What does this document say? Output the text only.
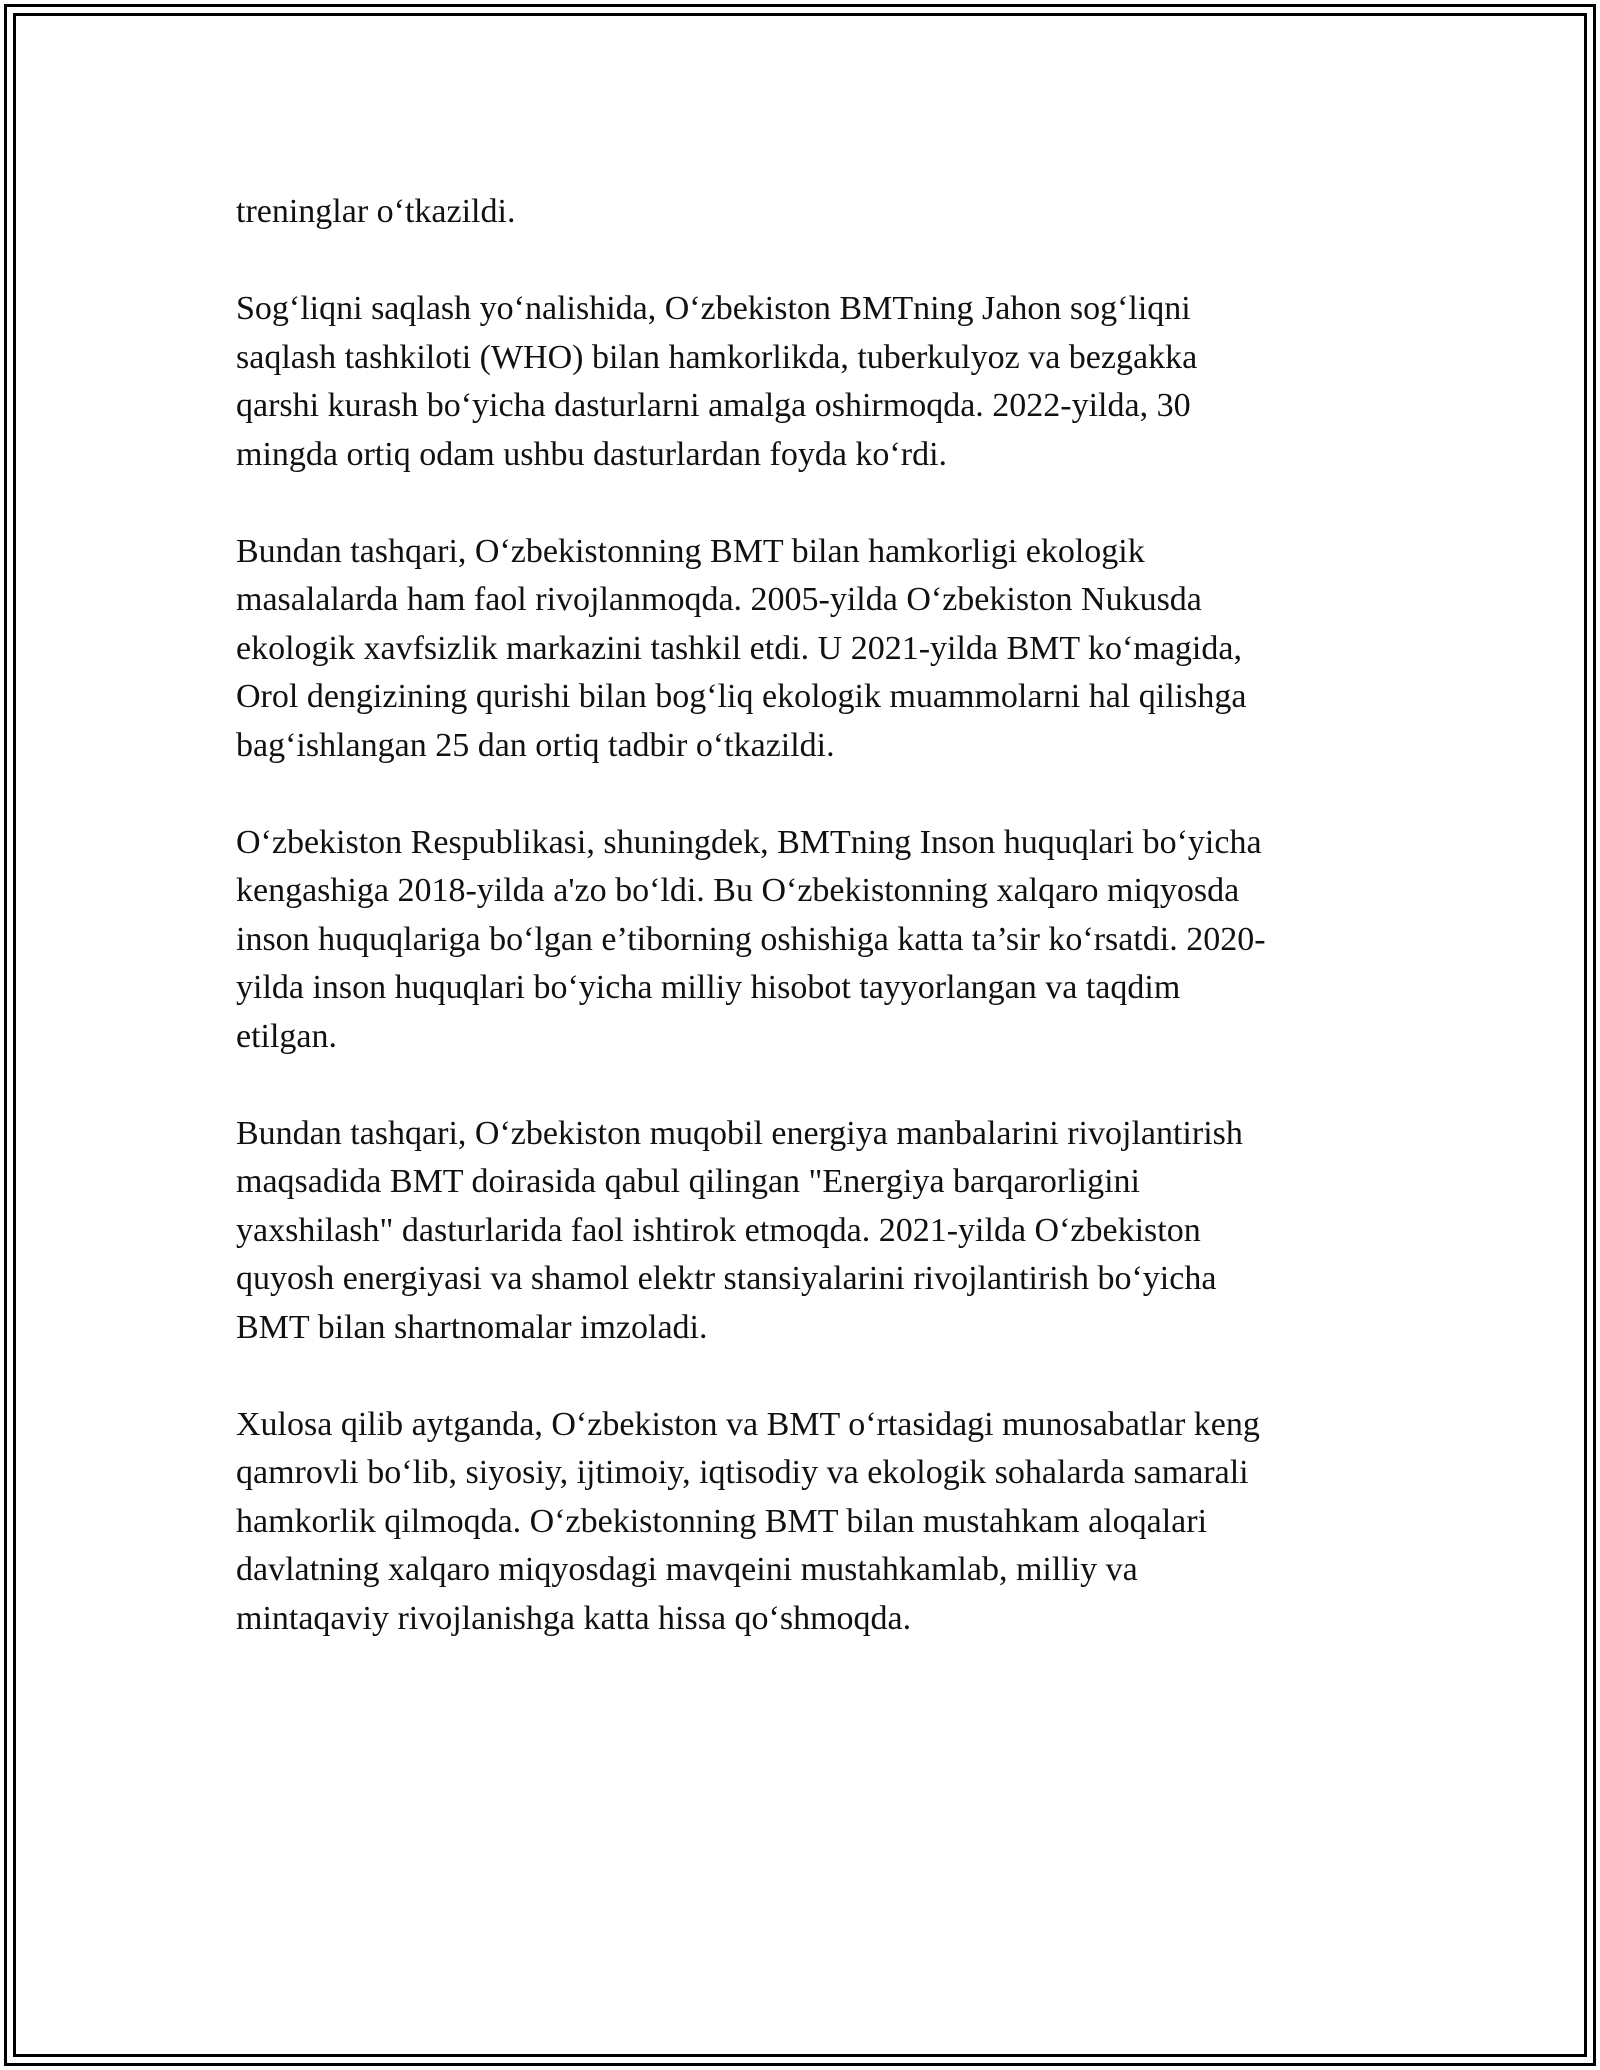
treninglar o‘tkazildi.

Sog‘liqni saqlash yo‘nalishida, O‘zbekiston BMTning Jahon sog‘liqni
saqlash tashkiloti (WHO) bilan hamkorlikda, tuberkulyoz va bezgakka
qarshi kurash bo‘yicha dasturlarni amalga oshirmoqda. 2022-yilda, 30
mingda ortiq odam ushbu dasturlardan foyda ko‘rdi.

Bundan tashqari, O‘zbekistonning BMT bilan hamkorligi ekologik
masalalarda ham faol rivojlanmoqda. 2005-yilda O‘zbekiston Nukusda
ekologik xavfsizlik markazini tashkil etdi. U 2021-yilda BMT ko‘magida,
Orol dengizining qurishi bilan bog‘liq ekologik muammolarni hal qilishga
bag‘ishlangan 25 dan ortiq tadbir o‘tkazildi.

O‘zbekiston Respublikasi, shuningdek, BMTning Inson huquqlari bo‘yicha
kengashiga 2018-yilda a'zo bo‘ldi. Bu O‘zbekistonning xalqaro miqyosda
inson huquqlariga bo‘lgan e’tiborning oshishiga katta ta’sir ko‘rsatdi. 2020-
yilda inson huquqlari bo‘yicha milliy hisobot tayyorlangan va taqdim
etilgan.

Bundan tashqari, O‘zbekiston muqobil energiya manbalarini rivojlantirish
maqsadida BMT doirasida qabul qilingan "Energiya barqarorligini
yaxshilash" dasturlarida faol ishtirok etmoqda. 2021-yilda O‘zbekiston
quyosh energiyasi va shamol elektr stansiyalarini rivojlantirish bo‘yicha
BMT bilan shartnomalar imzoladi.

Xulosa qilib aytganda, O‘zbekiston va BMT o‘rtasidagi munosabatlar keng
qamrovli bo‘lib, siyosiy, ijtimoiy, iqtisodiy va ekologik sohalarda samarali
hamkorlik qilmoqda. O‘zbekistonning BMT bilan mustahkam aloqalari
davlatning xalqaro miqyosdagi mavqeini mustahkamlab, milliy va
mintaqaviy rivojlanishga katta hissa qo‘shmoqda.
